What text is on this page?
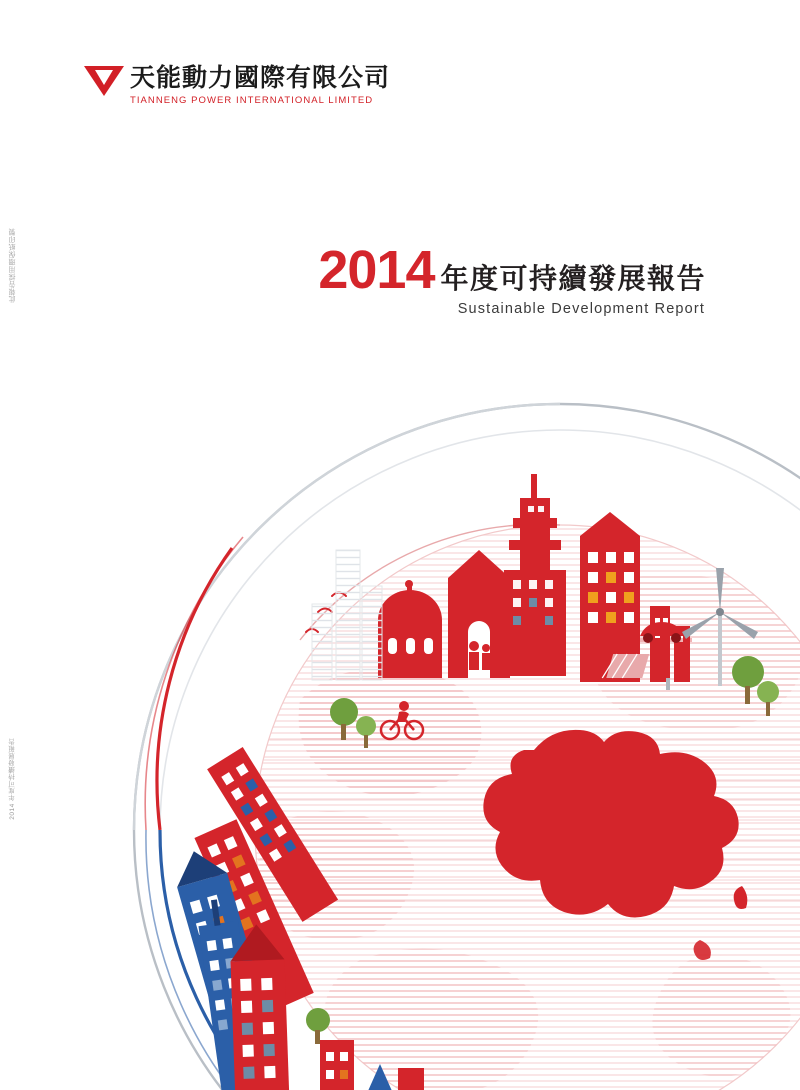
天能動力國際有限公司
TIANNENG POWER INTERNATIONAL LIMITED
2014 年度可持續發展報告
Sustainable Development Report
此報告採用環保紙印製
2014 年度可持續發展報告
